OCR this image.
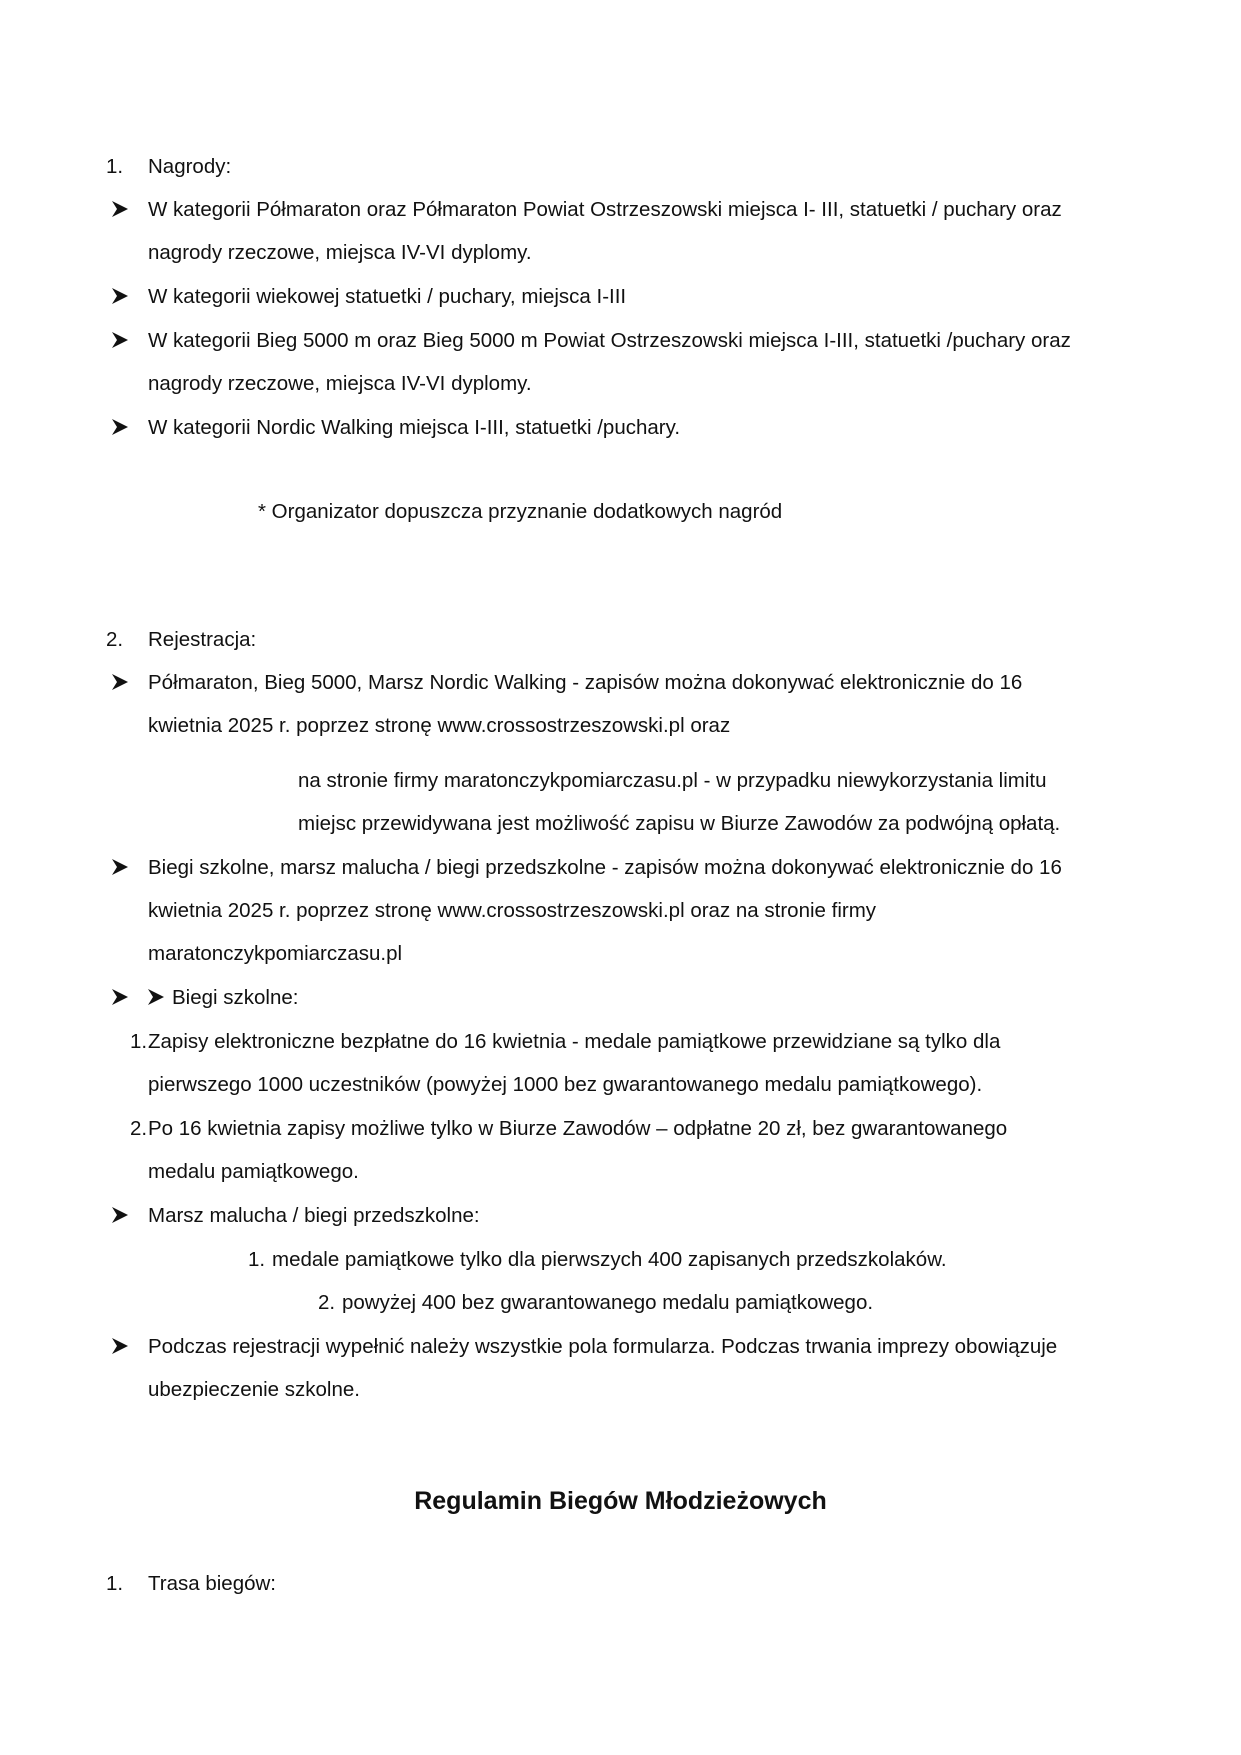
1. Nagrody:
W kategorii Półmaraton oraz Półmaraton Powiat Ostrzeszowski miejsca I- III, statuetki / puchary oraz
nagrody rzeczowe, miejsca IV-VI dyplomy.
W kategorii wiekowej statuetki / puchary, miejsca I-III
W kategorii Bieg 5000 m oraz Bieg 5000 m Powiat Ostrzeszowski miejsca I-III, statuetki /puchary oraz
nagrody rzeczowe, miejsca IV-VI dyplomy.
W kategorii Nordic Walking miejsca I-III, statuetki /puchary.
* Organizator dopuszcza przyznanie dodatkowych nagród
2. Rejestracja:
Półmaraton, Bieg 5000, Marsz Nordic Walking - zapisów można dokonywać elektronicznie do 16
kwietnia 2025 r. poprzez stronę www.crossostrzeszowski.pl oraz
na stronie firmy maratonczykpomiarczasu.pl - w przypadku niewykorzystania limitu
miejsc przewidywana jest możliwość zapisu w Biurze Zawodów za podwójną opłatą.
Biegi szkolne, marsz malucha / biegi przedszkolne - zapisów można dokonywać elektronicznie do 16
kwietnia 2025 r. poprzez stronę www.crossostrzeszowski.pl oraz na stronie firmy
maratonczykpomiarczasu.pl
Biegi szkolne:
1. Zapisy elektroniczne bezpłatne do 16 kwietnia - medale pamiątkowe przewidziane są tylko dla
pierwszego 1000 uczestników (powyżej 1000 bez gwarantowanego medalu pamiątkowego).
2. Po 16 kwietnia zapisy możliwe tylko w Biurze Zawodów – odpłatne 20 zł, bez gwarantowanego
medalu pamiątkowego.
Marsz malucha / biegi przedszkolne:
1. medale pamiątkowe tylko dla pierwszych 400 zapisanych przedszkolaków.
2. powyżej 400 bez gwarantowanego medalu pamiątkowego.
Podczas rejestracji wypełnić należy wszystkie pola formularza. Podczas trwania imprezy obowiązuje
ubezpieczenie szkolne.
Regulamin Biegów Młodzieżowych
1. Trasa biegów:
